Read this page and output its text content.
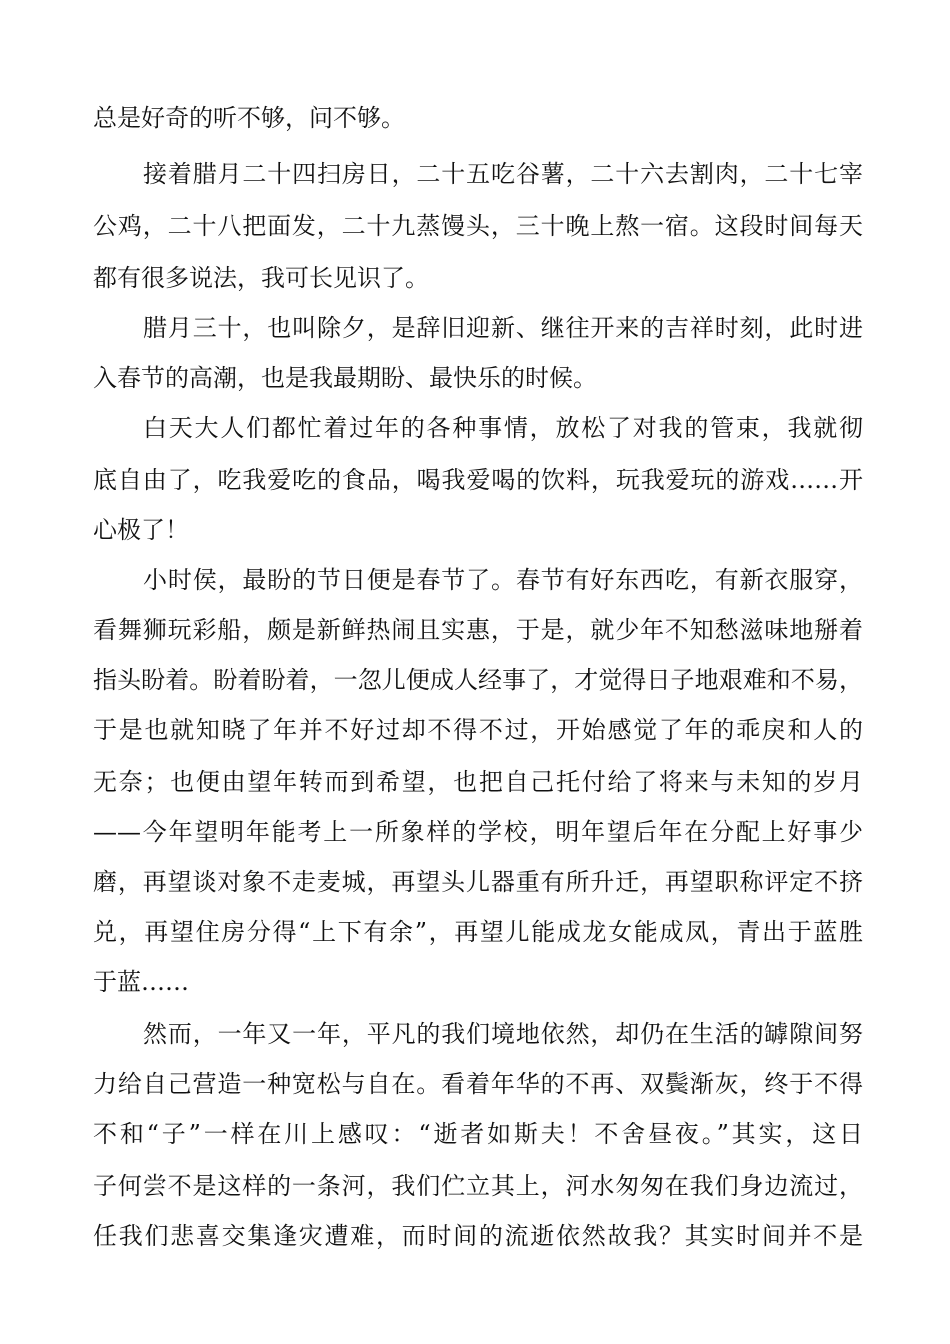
总是好奇的听不够，问不够。
接着腊月二十四扫房日，二十五吃谷薯，二十六去割肉，二十七宰
公鸡，二十八把面发，二十九蒸馒头，三十晚上熬一宿。这段时间每天
都有很多说法，我可长见识了。
腊月三十，也叫除夕，是辞旧迎新、继往开来的吉祥时刻，此时进
入春节的高潮，也是我最期盼、最快乐的时候。
白天大人们都忙着过年的各种事情，放松了对我的管束，我就彻
底自由了，吃我爱吃的食品，喝我爱喝的饮料，玩我爱玩的游戏……开
心极了！
小时侯，最盼的节日便是春节了。春节有好东西吃，有新衣服穿，
看舞狮玩彩船，颇是新鲜热闹且实惠，于是，就少年不知愁滋味地掰着
指头盼着。盼着盼着，一忽儿便成人经事了，才觉得日子地艰难和不易，
于是也就知晓了年并不好过却不得不过，开始感觉了年的乖戾和人的
无奈；也便由望年转而到希望，也把自己托付给了将来与未知的岁月
——今年望明年能考上一所象样的学校，明年望后年在分配上好事少
磨，再望谈对象不走麦城，再望头儿器重有所升迁，再望职称评定不挤
兑，再望住房分得“上下有余”，再望儿能成龙女能成凤，青出于蓝胜
于蓝……
然而，一年又一年，平凡的我们境地依然，却仍在生活的罅隙间努
力给自己营造一种宽松与自在。看着年华的不再、双鬓渐灰，终于不得
不和“子”一样在川上感叹：“逝者如斯夫！不舍昼夜。”其实，这日
子何尝不是这样的一条河，我们伫立其上，河水匆匆在我们身边流过，
任我们悲喜交集逢灾遭难，而时间的流逝依然故我？其实时间并不是
